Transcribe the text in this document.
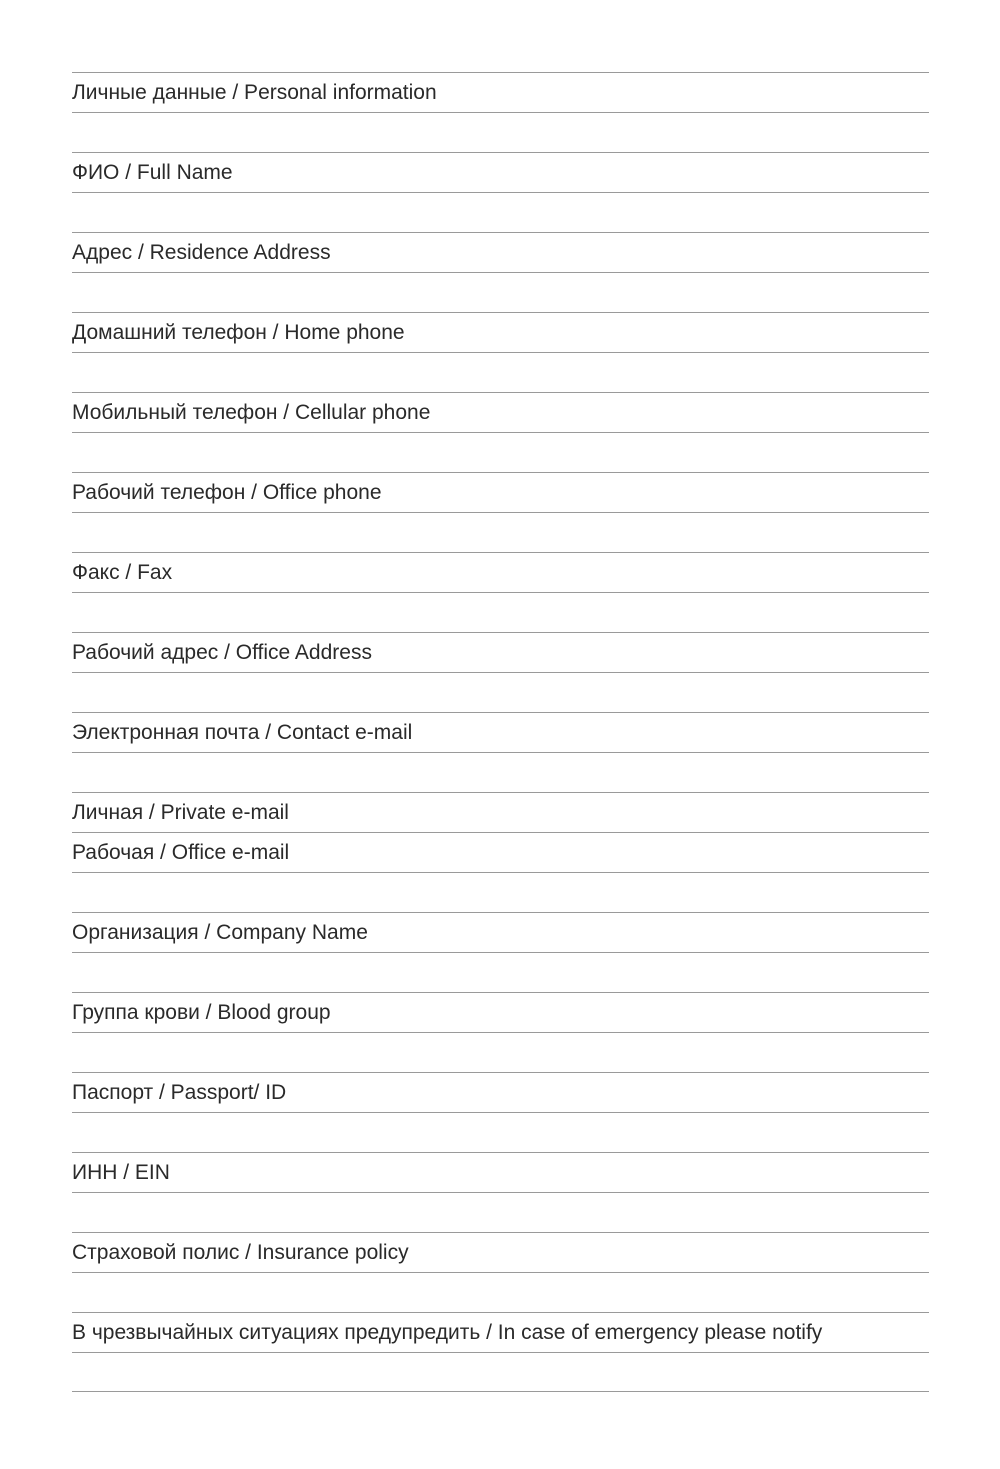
Личные данные / Personal information
ФИО / Full Name
Адрес / Residence Address
Домашний телефон / Home phone
Мобильный телефон / Cellular phone
Рабочий телефон / Office phone
Факс / Fax
Рабочий адрес / Office Address
Электронная почта / Contact e-mail
Личная / Private e-mail
Рабочая / Office e-mail
Организация / Company Name
Группа крови / Blood group
Паспорт / Passport/ ID
ИНН / EIN
Страховой полис / Insurance policy
В чрезвычайных ситуациях предупредить / In case of emergency please notify
